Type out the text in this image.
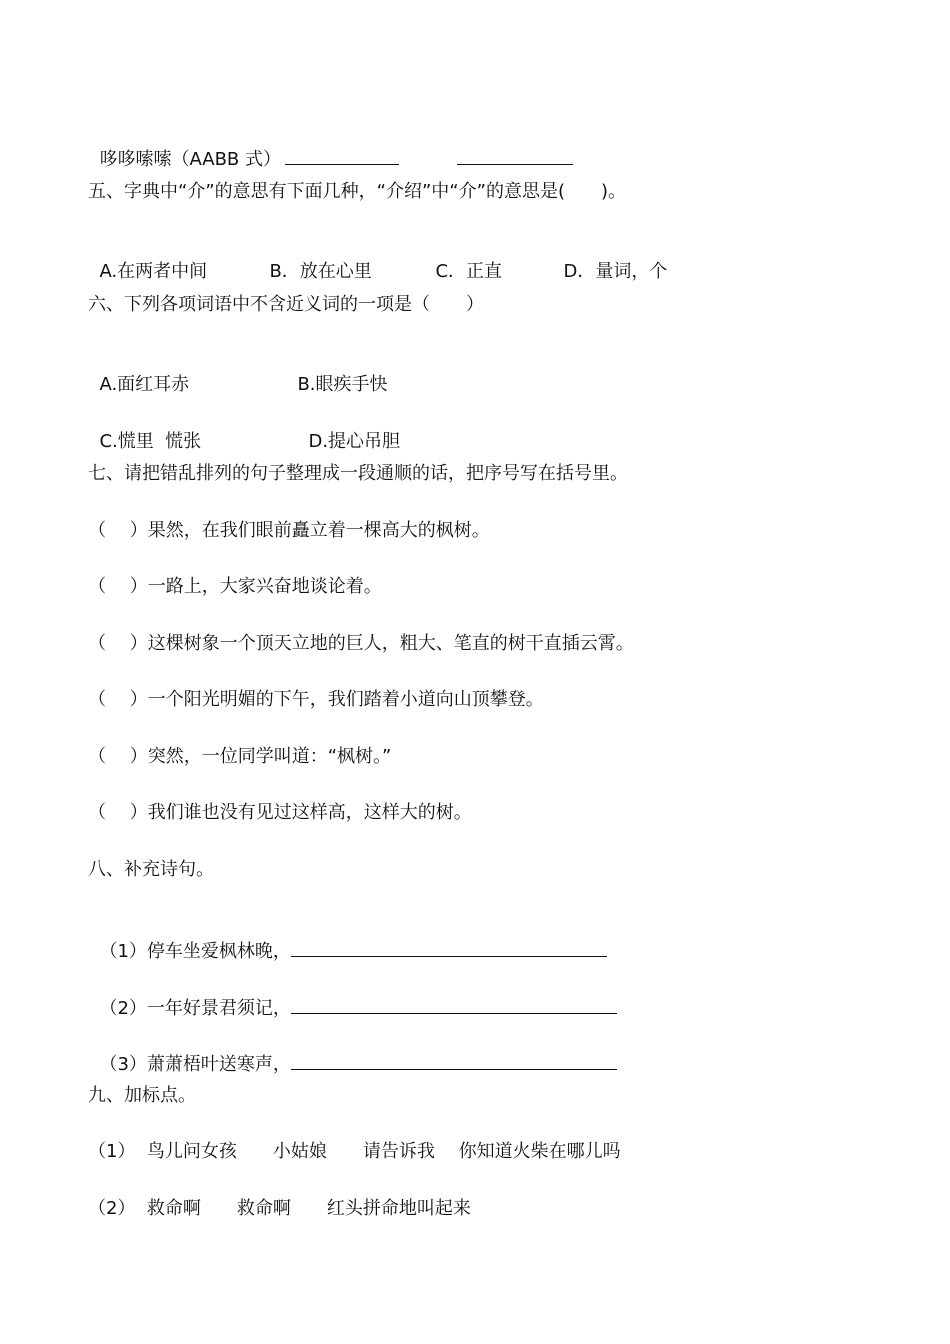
哆哆嗦嗦（AABB 式）

五、字典中“介”的意思有下面几种，“介绍”中“介”的意思是(　　)。

A.在两者中间	B．放在心里	C．正直	D．量词，个

六、下列各项词语中不含近义词的一项是（　　）

A.面红耳赤	B.眼疾手快

C.慌里  慌张	D.提心吊胆

七、请把错乱排列的句子整理成一段通顺的话，把序号写在括号里。
（　 ）果然，在我们眼前矗立着一棵高大的枫树。
（　 ）一路上，大家兴奋地谈论着。
（　 ）这棵树象一个顶天立地的巨人，粗大、笔直的树干直插云霄。
（　 ）一个阳光明媚的下午，我们踏着小道向山顶攀登。
（　 ）突然，一位同学叫道：“枫树。”
（　 ）我们谁也没有见过这样高，这样大的树。
八、补充诗句。

（1）停车坐爱枫林晚，

（2）一年好景君须记，

（3）萧萧梧叶送寒声，

九、加标点。
（1）  鸟儿问女孩　　小姑娘　　请告诉我　 你知道火柴在哪儿吗
（2）  救命啊　　救命啊　　红头拼命地叫起来
